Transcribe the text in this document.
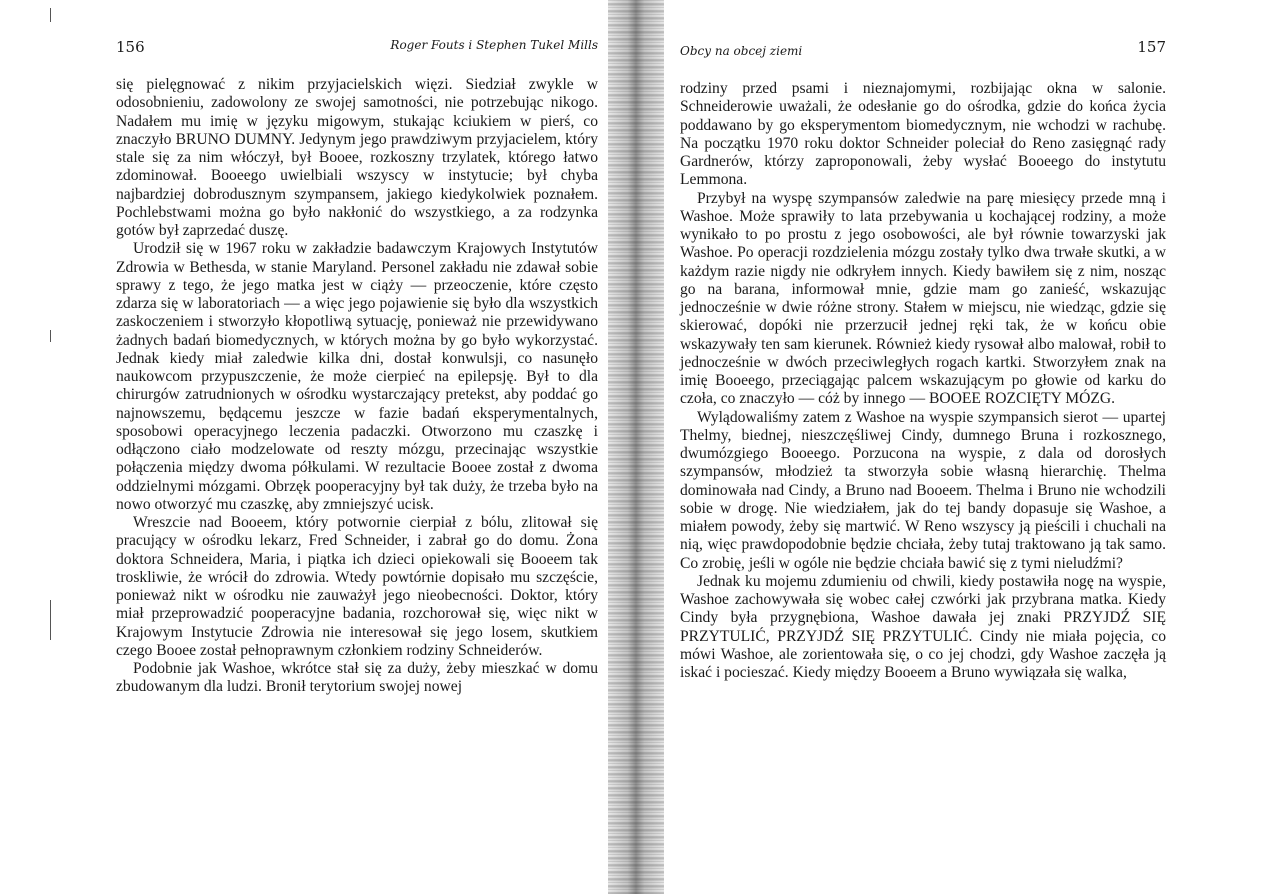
156	Roger Fouts i Stephen Tukel Mills

się pielęgnować z nikim przyjacielskich więzi. Siedział zwykle w odosobnieniu, zadowolony ze swojej samotności, nie potrzebując nikogo. Nadałem mu imię w języku migowym, stukając kciukiem w pierś, co znaczyło BRUNO DUMNY. Jedynym jego prawdziwym przyjacielem, który stale się za nim włóczył, był Booee, rozkoszny trzylatek, którego łatwo zdominował. Booeego uwielbiali wszyscy w instytucie; był chyba najbardziej dobrodusznym szympansem, jakiego kiedykolwiek poznałem. Pochlebstwami można go było nakłonić do wszystkiego, a za rodzynka gotów był zaprzedać duszę.

Urodził się w 1967 roku w zakładzie badawczym Krajowych Instytutów Zdrowia w Bethesda, w stanie Maryland. Personel zakładu nie zdawał sobie sprawy z tego, że jego matka jest w ciąży — przeoczenie, które często zdarza się w laboratoriach — a więc jego pojawienie się było dla wszystkich zaskoczeniem i stworzyło kłopotliwą sytuację, ponieważ nie przewidywano żadnych badań biomedycznych, w których można by go było wykorzystać. Jednak kiedy miał zaledwie kilka dni, dostał konwulsji, co nasunęło naukowcom przypuszczenie, że może cierpieć na epilepsję. Był to dla chirurgów zatrudnionych w ośrodku wystarczający pretekst, aby poddać go najnowszemu, będącemu jeszcze w fazie badań eksperymentalnych, sposobowi operacyjnego leczenia padaczki. Otworzono mu czaszkę i odłączono ciało modzelowate od reszty mózgu, przecinając wszystkie połączenia między dwoma półkulami. W rezultacie Booee został z dwoma oddzielnymi mózgami. Obrzęk pooperacyjny był tak duży, że trzeba było na nowo otworzyć mu czaszkę, aby zmniejszyć ucisk.

Wreszcie nad Booeem, który potwornie cierpiał z bólu, zlitował się pracujący w ośrodku lekarz, Fred Schneider, i zabrał go do domu. Żona doktora Schneidera, Maria, i piątka ich dzieci opiekowali się Booeem tak troskliwie, że wrócił do zdrowia. Wtedy powtórnie dopisało mu szczęście, ponieważ nikt w ośrodku nie zauważył jego nieobecności. Doktor, który miał przeprowadzić pooperacyjne badania, rozchorował się, więc nikt w Krajowym Instytucie Zdrowia nie interesował się jego losem, skutkiem czego Booee został pełnoprawnym członkiem rodziny Schneiderów.

Podobnie jak Washoe, wkrótce stał się za duży, żeby mieszkać w domu zbudowanym dla ludzi. Bronił terytorium swojej nowej

Obcy na obcej ziemi	157

rodziny przed psami i nieznajomymi, rozbijając okna w salonie. Schneiderowie uważali, że odesłanie go do ośrodka, gdzie do końca życia poddawano by go eksperymentom biomedycznym, nie wchodzi w rachubę. Na początku 1970 roku doktor Schneider poleciał do Reno zasięgnąć rady Gardnerów, którzy zaproponowali, żeby wysłać Booeego do instytutu Lemmona.

Przybył na wyspę szympansów zaledwie na parę miesięcy przede mną i Washoe. Może sprawiły to lata przebywania u kochającej rodziny, a może wynikało to po prostu z jego osobowości, ale był równie towarzyski jak Washoe. Po operacji rozdzielenia mózgu zostały tylko dwa trwałe skutki, a w każdym razie nigdy nie odkryłem innych. Kiedy bawiłem się z nim, nosząc go na barana, informował mnie, gdzie mam go zanieść, wskazując jednocześnie w dwie różne strony. Stałem w miejscu, nie wiedząc, gdzie się skierować, dopóki nie przerzucił jednej ręki tak, że w końcu obie wskazywały ten sam kierunek. Również kiedy rysował albo malował, robił to jednocześnie w dwóch przeciwległych rogach kartki. Stworzyłem znak na imię Booeego, przeciągając palcem wskazującym po głowie od karku do czoła, co znaczyło — cóż by innego — BOOEE ROZCIĘTY MÓZG.

Wylądowaliśmy zatem z Washoe na wyspie szympansich sierot — upartej Thelmy, biednej, nieszczęśliwej Cindy, dumnego Bruna i rozkosznego, dwumózgiego Booeego. Porzucona na wyspie, z dala od dorosłych szympansów, młodzież ta stworzyła sobie własną hierarchię. Thelma dominowała nad Cindy, a Bruno nad Booeem. Thelma i Bruno nie wchodzili sobie w drogę. Nie wiedziałem, jak do tej bandy dopasuje się Washoe, a miałem powody, żeby się martwić. W Reno wszyscy ją pieścili i chuchali na nią, więc prawdopodobnie będzie chciała, żeby tutaj traktowano ją tak samo. Co zrobię, jeśli w ogóle nie będzie chciała bawić się z tymi nieludźmi?

Jednak ku mojemu zdumieniu od chwili, kiedy postawiła nogę na wyspie, Washoe zachowywała się wobec całej czwórki jak przybrana matka. Kiedy Cindy była przygnębiona, Washoe dawała jej znaki PRZYJDŹ SIĘ PRZYTULIĆ, PRZYJDŹ SIĘ PRZYTULIĆ. Cindy nie miała pojęcia, co mówi Washoe, ale zorientowała się, o co jej chodzi, gdy Washoe zaczęła ją iskać i pocieszać. Kiedy między Booeem a Bruno wywiązała się walka,
